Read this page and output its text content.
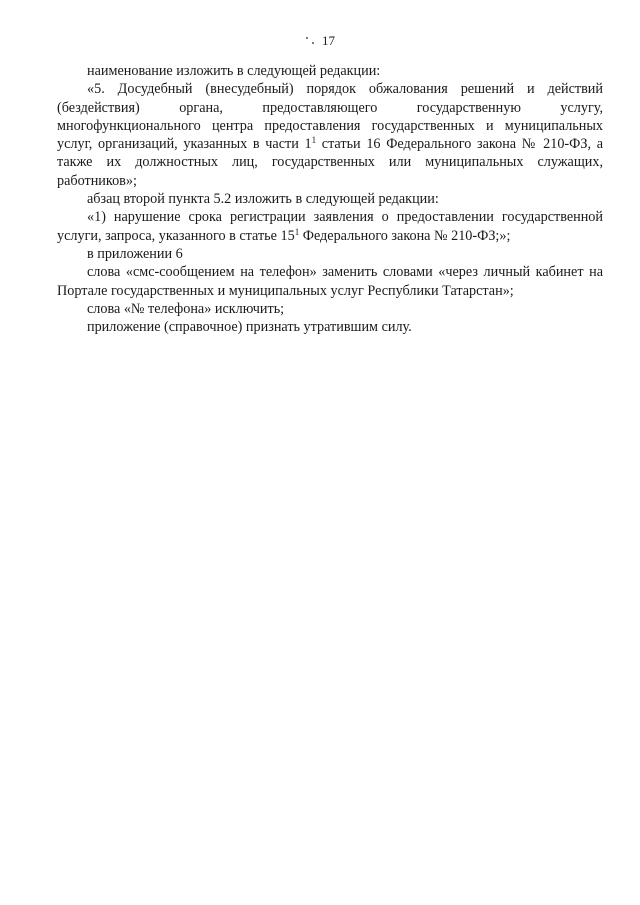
17

наименование изложить в следующей редакции:

«5. Досудебный (внесудебный) порядок обжалования решений и действий (бездействия) органа, предоставляющего государственную услугу, многофункционального центра предоставления государственных и муниципальных услуг, организаций, указанных в части $1^1$ статьи 16 Федерального закона № 210-ФЗ, а также их должностных лиц, государственных или муниципальных служащих, работников»;

абзац второй пункта 5.2 изложить в следующей редакции:

«1) нарушение срока регистрации заявления о предоставлении государственной услуги, запроса, указанного в статье $15^1$ Федерального закона № 210-ФЗ;»;

в приложении 6

слова «смс-сообщением на телефон» заменить словами «через личный кабинет на Портале государственных и муниципальных услуг Республики Татарстан»;

слова «№ телефона» исключить;

приложение (справочное) признать утратившим силу.
